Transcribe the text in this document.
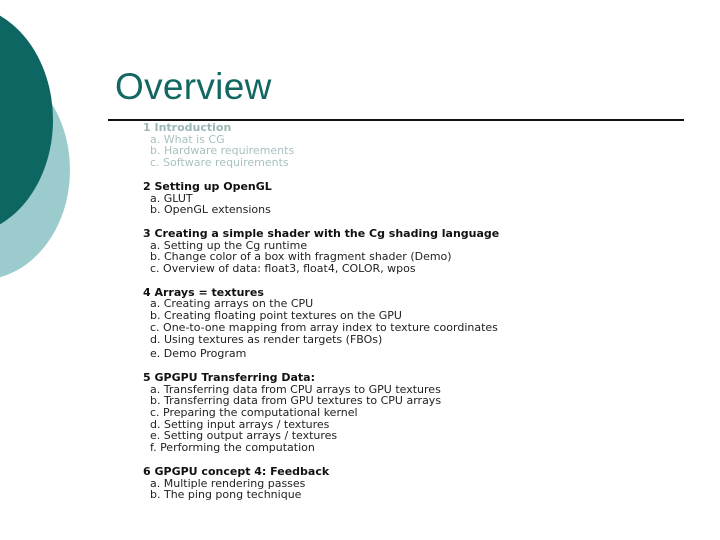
Overview
1 Introduction
a. What is CG
b. Hardware requirements
c. Software requirements
2 Setting up OpenGL
a. GLUT
b. OpenGL extensions
3 Creating a simple shader with the Cg shading language
a. Setting up the Cg runtime
b. Change color of a box with fragment shader (Demo)
c. Overview of data: float3, float4, COLOR, wpos
4 Arrays = textures
a. Creating arrays on the CPU
b. Creating floating point textures on the GPU
c. One-to-one mapping from array index to texture coordinates
d. Using textures as render targets (FBOs)
e. Demo Program
5 GPGPU Transferring Data:
a. Transferring data from CPU arrays to GPU textures
b. Transferring data from GPU textures to CPU arrays
c. Preparing the computational kernel
d. Setting input arrays / textures
e. Setting output arrays / textures
f. Performing the computation
6 GPGPU concept 4: Feedback
a. Multiple rendering passes
b. The ping pong technique
